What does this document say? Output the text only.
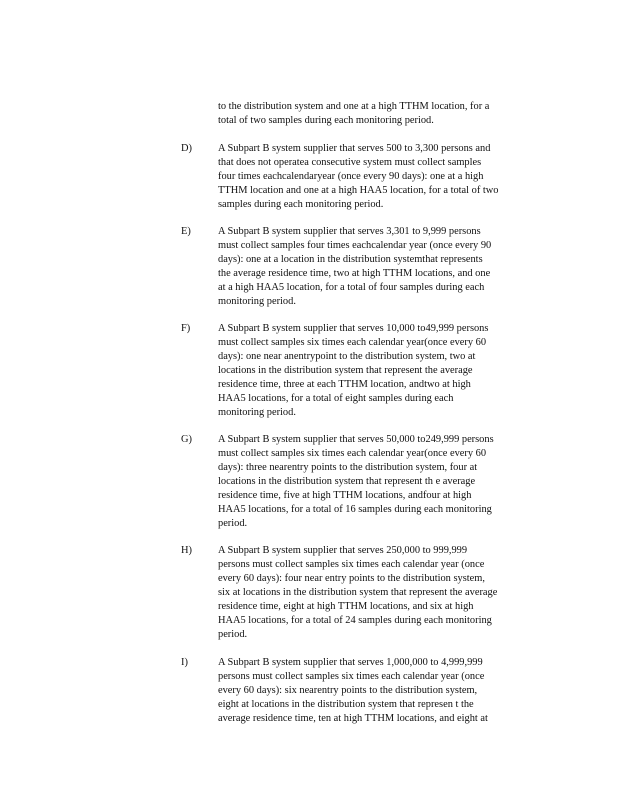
to the distribution system and one at a high TTHM location, for a
total of two samples during each monitoring period.
D)	A Subpart B system supplier that serves 500 to 3,300 persons and
that does not operatea consecutive system must collect samples
four times eachcalendaryear (once every 90 days): one at a high
TTHM location and one at a high HAA5 location, for a total of two
samples during each monitoring period.
E)	A Subpart B system supplier that serves 3,301 to 9,999 persons
must collect samples four times eachcalendar year (once every 90
days): one at a location in the distribution systemthat represents
the average residence time, two at high TTHM locations, and one
at a high HAA5 location, for a total of four samples during each
monitoring period.
F)	A Subpart B system supplier that serves 10,000 to49,999 persons
must collect samples six times each calendar year(once every 60
days): one near anentrypoint to the distribution system, two at
locations in the distribution system that represent the average
residence time, three at each TTHM location, andtwo at high
HAA5 locations, for a total of eight samples during each
monitoring period.
G)	A Subpart B system supplier that serves 50,000 to249,999 persons
must collect samples six times each calendar year(once every 60
days): three nearentry points to the distribution system, four at
locations in the distribution system that represent th e average
residence time, five at high TTHM locations, andfour at high
HAA5 locations, for a total of 16 samples during each monitoring
period.
H)	A Subpart B system supplier that serves 250,000 to 999,999
persons must collect samples six times each calendar year (once
every 60 days): four near entry points to the distribution system,
six at locations in the distribution system that represent the average
residence time, eight at high TTHM locations, and six at high
HAA5 locations, for a total of 24 samples during each monitoring
period.
I)	A Subpart B system supplier that serves 1,000,000 to 4,999,999
persons must collect samples six times each calendar year (once
every 60 days): six nearentry points to the distribution system,
eight at locations in the distribution system that represen t the
average residence time, ten at high TTHM locations, and eight at
